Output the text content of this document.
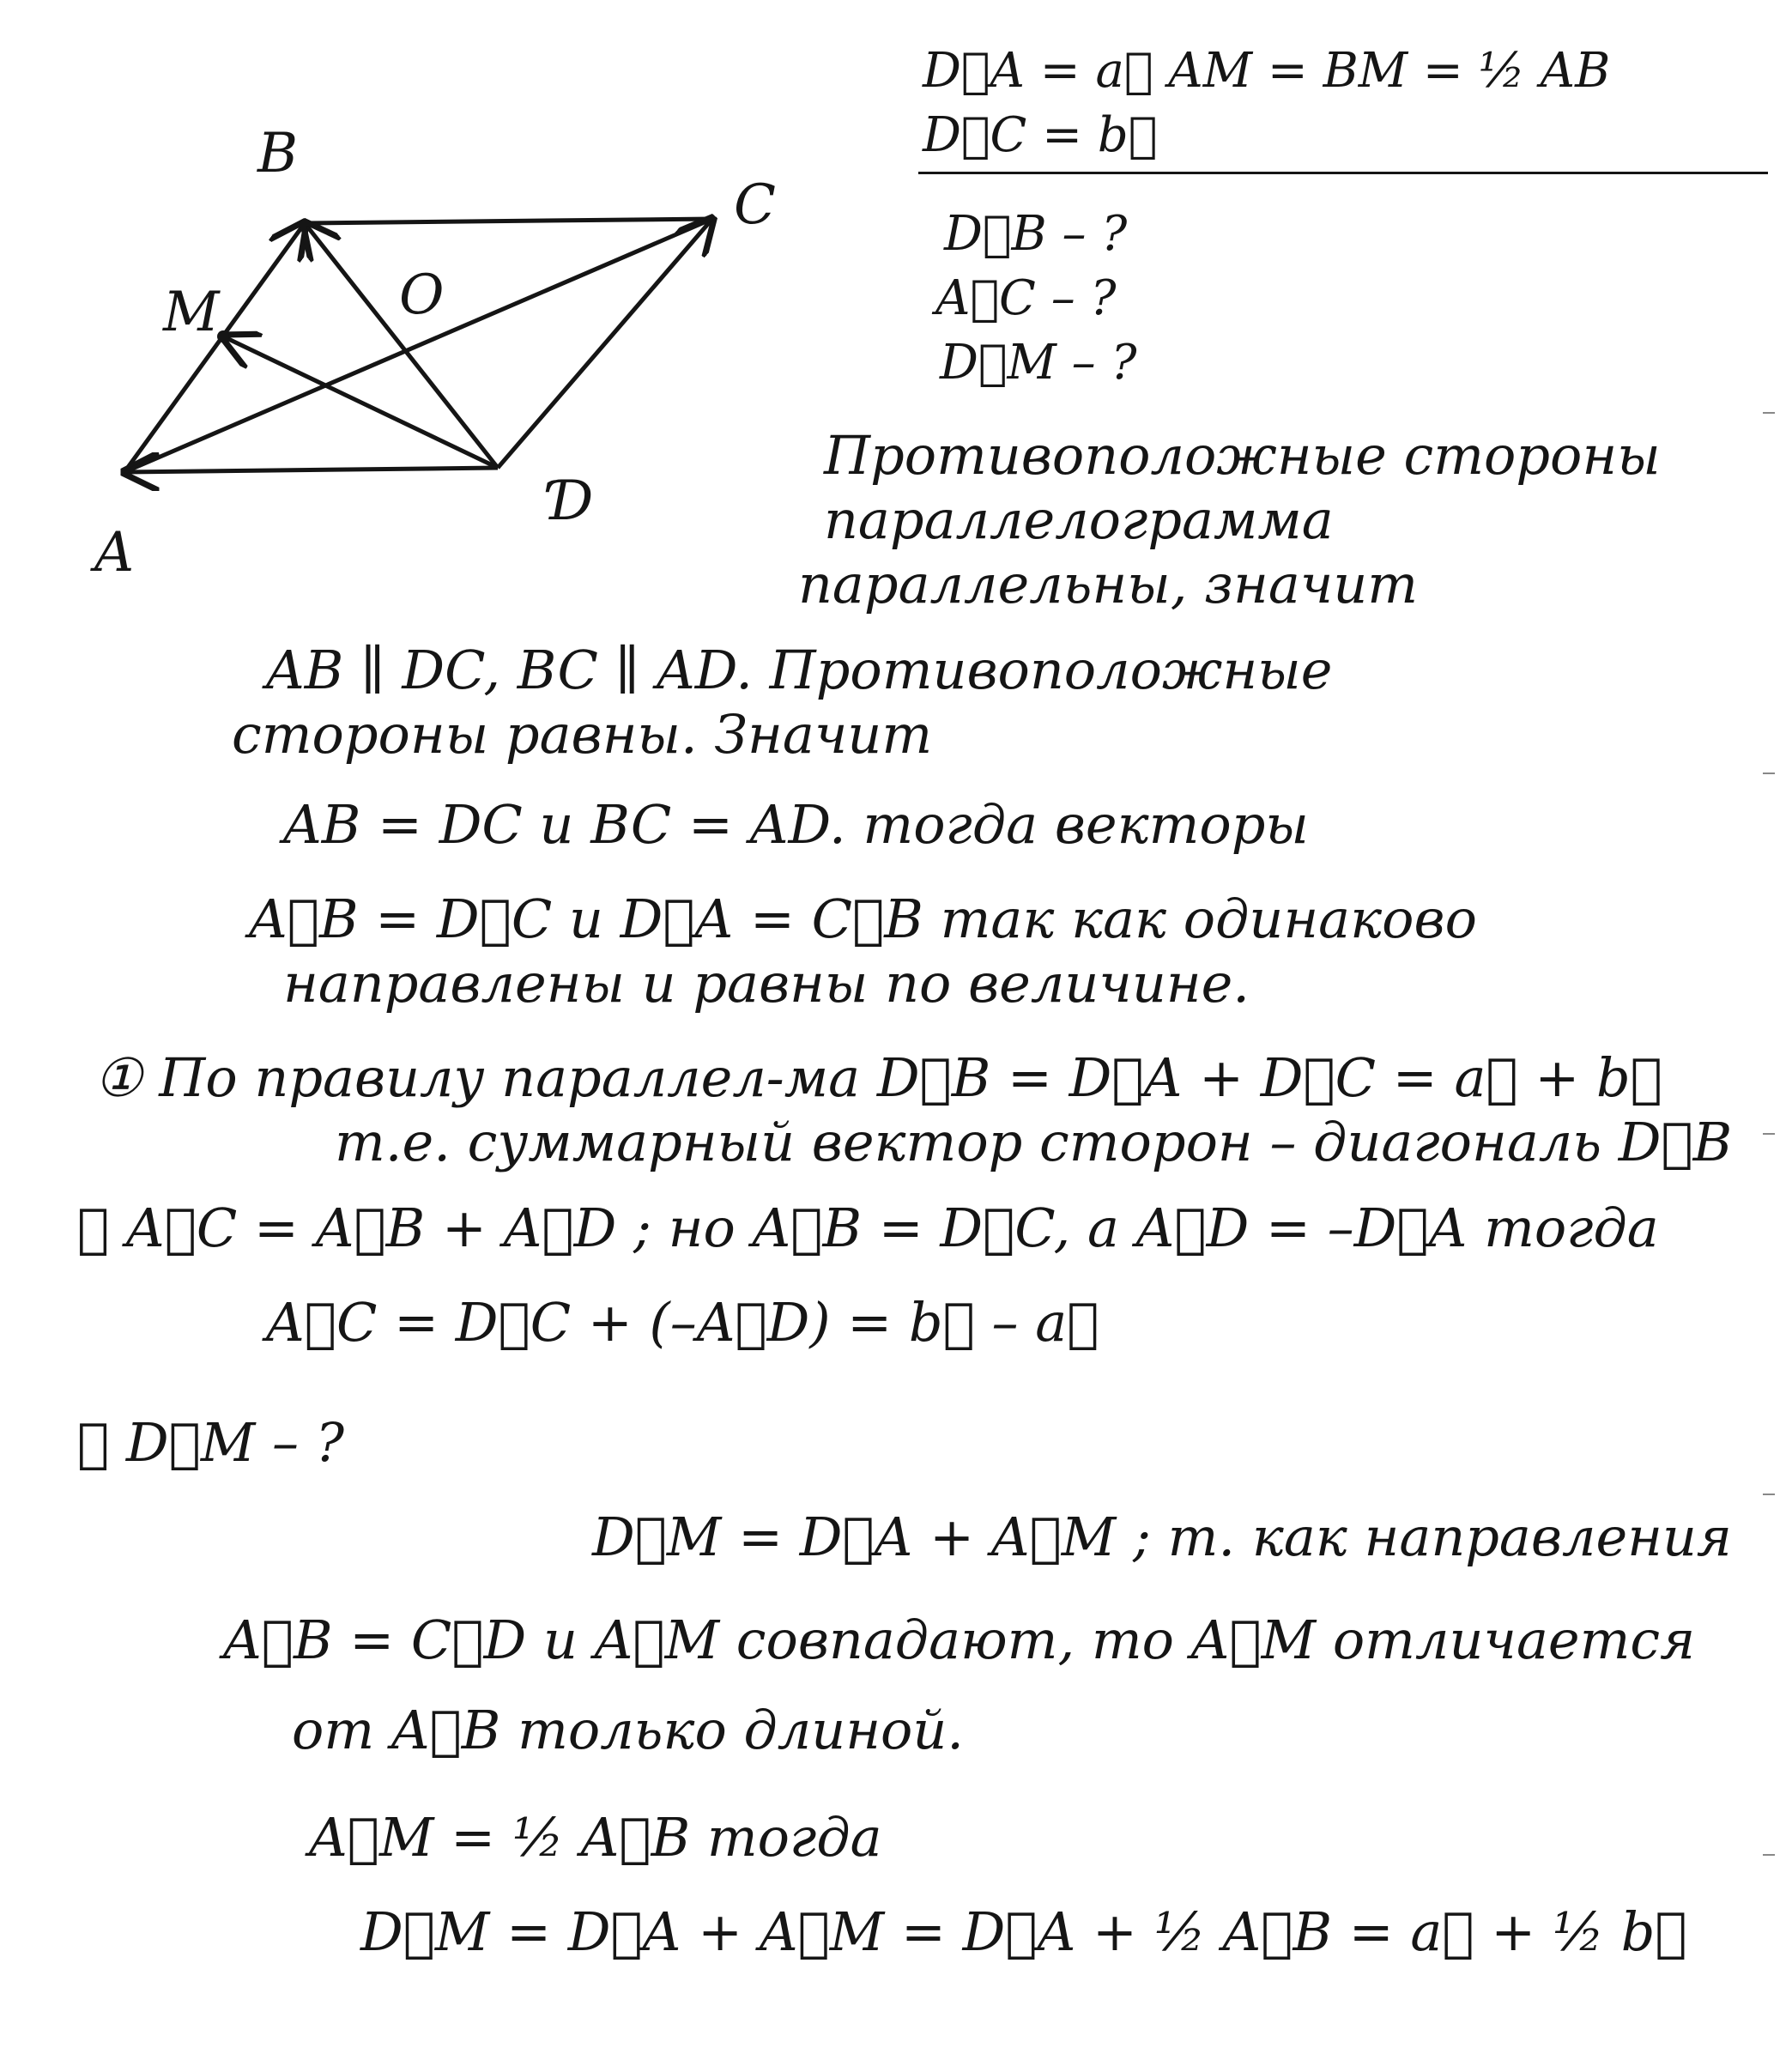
B
C
M	O
A
Ɗ
D⃗A = a⃗ AM = BM = ½ AB
D⃗C = b⃗
D⃗B – ?
A⃗C – ?
D⃗M – ?
Противоположные стороны
параллелограмма
параллельны, значит
AB ∥ DC, BC ∥ AD. Противоположные
стороны равны. Значит
AB = DC и BC = AD. тогда векторы
A⃗B = D⃗C и D⃗A = C⃗B так как одинаково
направлены и равны по величине.
① По правилу параллел-ма D⃗B = D⃗A + D⃗C = a⃗ + b⃗
т.е. суммарный вектор сторон – диагональ D⃗B
② A⃗C = A⃗B + A⃗D ; но A⃗B = D⃗C, а A⃗D = –D⃗A тогда
A⃗C = D⃗C + (–A⃗D) = b⃗ – a⃗
③ D⃗M – ?
D⃗M = D⃗A + A⃗M ; т. как направления
A⃗B = C⃗D и A⃗M совпадают, то A⃗M отличается
от A⃗B только длиной.
A⃗M = ½ A⃗B тогда
D⃗M = D⃗A + A⃗M = D⃗A + ½ A⃗B = a⃗ + ½ b⃗
